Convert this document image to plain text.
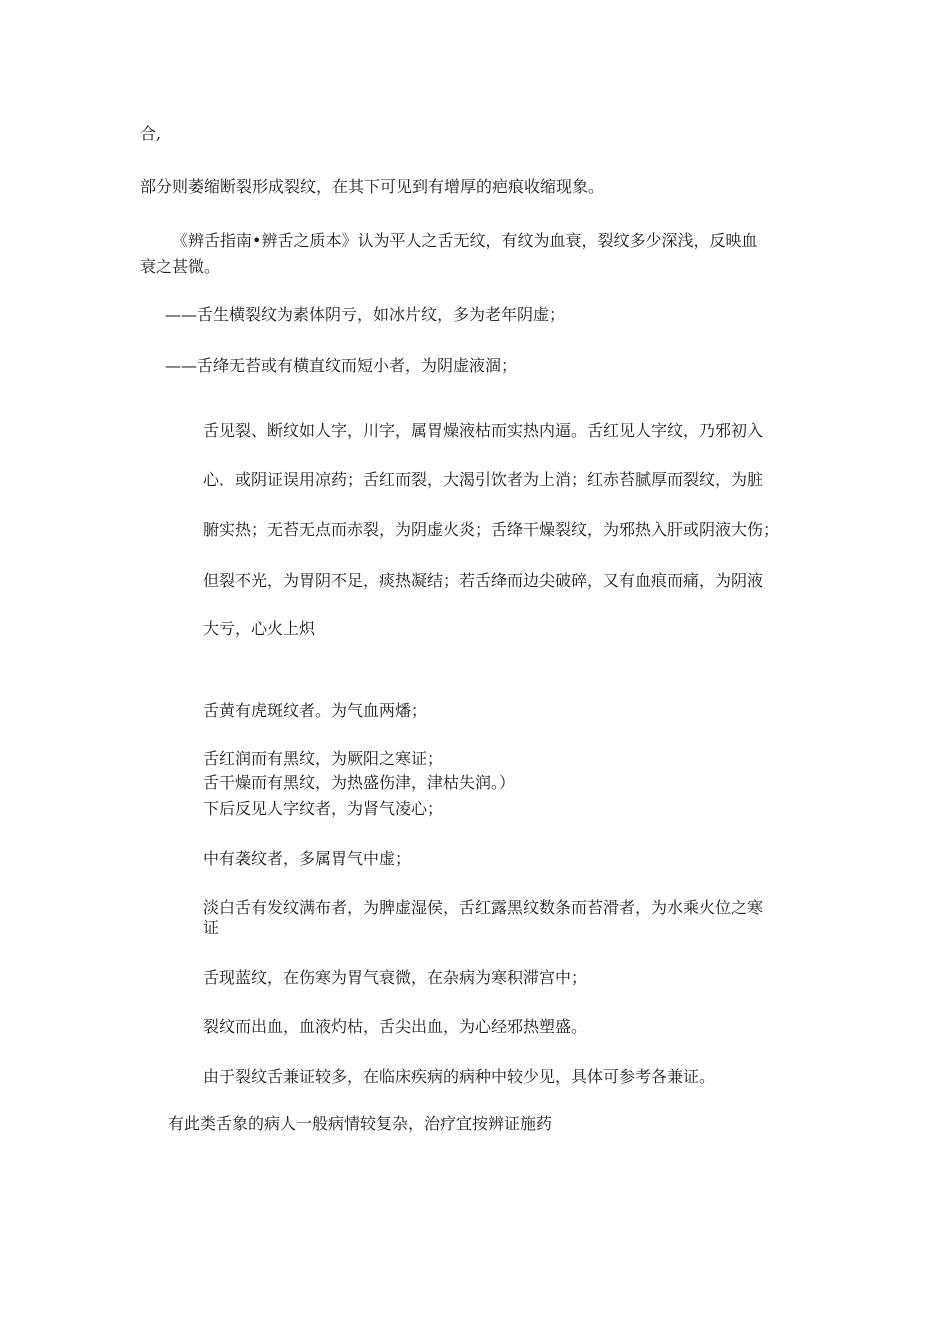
合,
部分则萎缩断裂形成裂纹，在其下可见到有增厚的疤痕收缩现象。
《辨舌指南•辨舌之质本》认为平人之舌无纹，有纹为血衰，裂纹多少深浅，反映血
衰之甚微。
——舌生横裂纹为素体阴亏，如冰片纹，多为老年阴虚；
——舌绛无苔或有横直纹而短小者，为阴虚液涸；
舌见裂、断纹如人字，川字，属胃燥液枯而实热内逼。舌红见人字纹，乃邪初入
心．或阴证误用凉药；舌红而裂，大渴引饮者为上消；红赤苔腻厚而裂纹，为脏
腑实热；无苔无点而赤裂，为阴虚火炎；舌绛干燥裂纹，为邪热入肝或阴液大伤；
但裂不光，为胃阴不足，痰热凝结；若舌绛而边尖破碎，又有血痕而痛，为阴液
大亏，心火上炽
舌黄有虎斑纹者。为气血两燔；
舌红润而有黑纹，为厥阳之寒证；
舌干燥而有黑纹，为热盛伤津，津枯失润。）
下后反见人字纹者，为肾气凌心；
中有袭纹者，多属胃气中虚；
淡白舌有发纹满布者，为脾虚湿侯，舌红露黑纹数条而苔滑者，为水乘火位之寒
证
舌现蓝纹，在伤寒为胃气衰微，在杂病为寒积滞宫中；
裂纹而出血，血液灼枯，舌尖出血，为心经邪热塑盛。
由于裂纹舌兼证较多，在临床疾病的病种中较少见，具体可参考各兼证。
有此类舌象的病人一般病情较复杂，治疗宜按辨证施药
